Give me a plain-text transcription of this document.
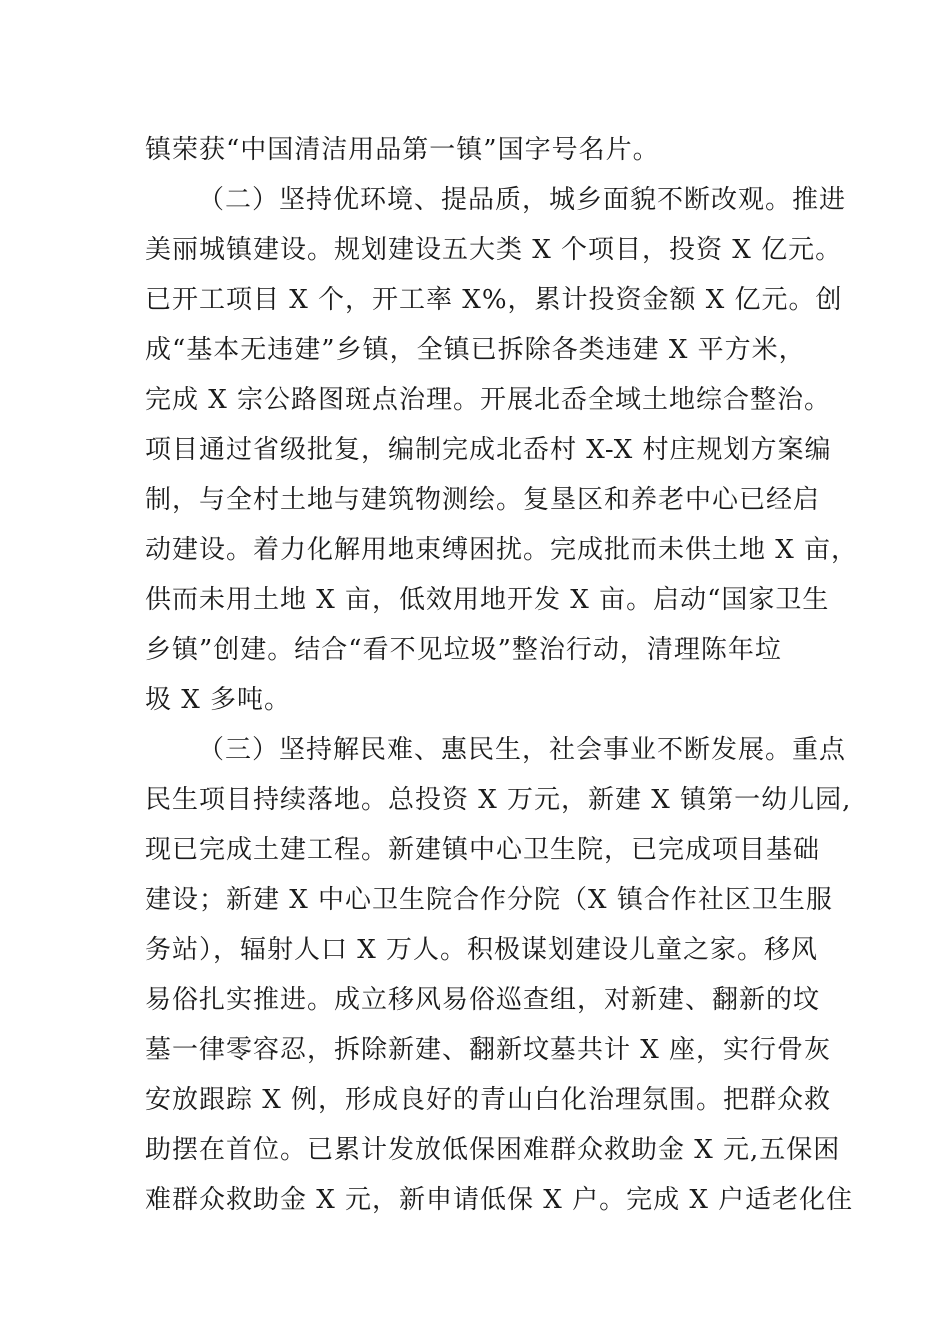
镇荣获“中国清洁用品第一镇”国字号名片。
（二）坚持优环境、提品质，城乡面貌不断改观。推进
美丽城镇建设。规划建设五大类 X 个项目，投资 X 亿元。
已开工项目 X 个，开工率 X%，累计投资金额 X 亿元。创
成“基本无违建”乡镇，全镇已拆除各类违建 X 平方米，
完成 X 宗公路图斑点治理。开展北岙全域土地综合整治。
项目通过省级批复，编制完成北岙村 X-X 村庄规划方案编
制，与全村土地与建筑物测绘。复垦区和养老中心已经启
动建设。着力化解用地束缚困扰。完成批而未供土地 X 亩，
供而未用土地 X 亩，低效用地开发 X 亩。启动“国家卫生
乡镇”创建。结合“看不见垃圾”整治行动，清理陈年垃
圾 X 多吨。
（三）坚持解民难、惠民生，社会事业不断发展。重点
民生项目持续落地。总投资 X 万元，新建 X 镇第一幼儿园,
现已完成土建工程。新建镇中心卫生院，已完成项目基础
建设；新建 X 中心卫生院合作分院（X 镇合作社区卫生服
务站），辐射人口 X 万人。积极谋划建设儿童之家。移风
易俗扎实推进。成立移风易俗巡查组，对新建、翻新的坟
墓一律零容忍，拆除新建、翻新坟墓共计 X 座，实行骨灰
安放跟踪 X 例，形成良好的青山白化治理氛围。把群众救
助摆在首位。已累计发放低保困难群众救助金 X 元,五保困
难群众救助金 X 元，新申请低保 X 户。完成 X 户适老化住
